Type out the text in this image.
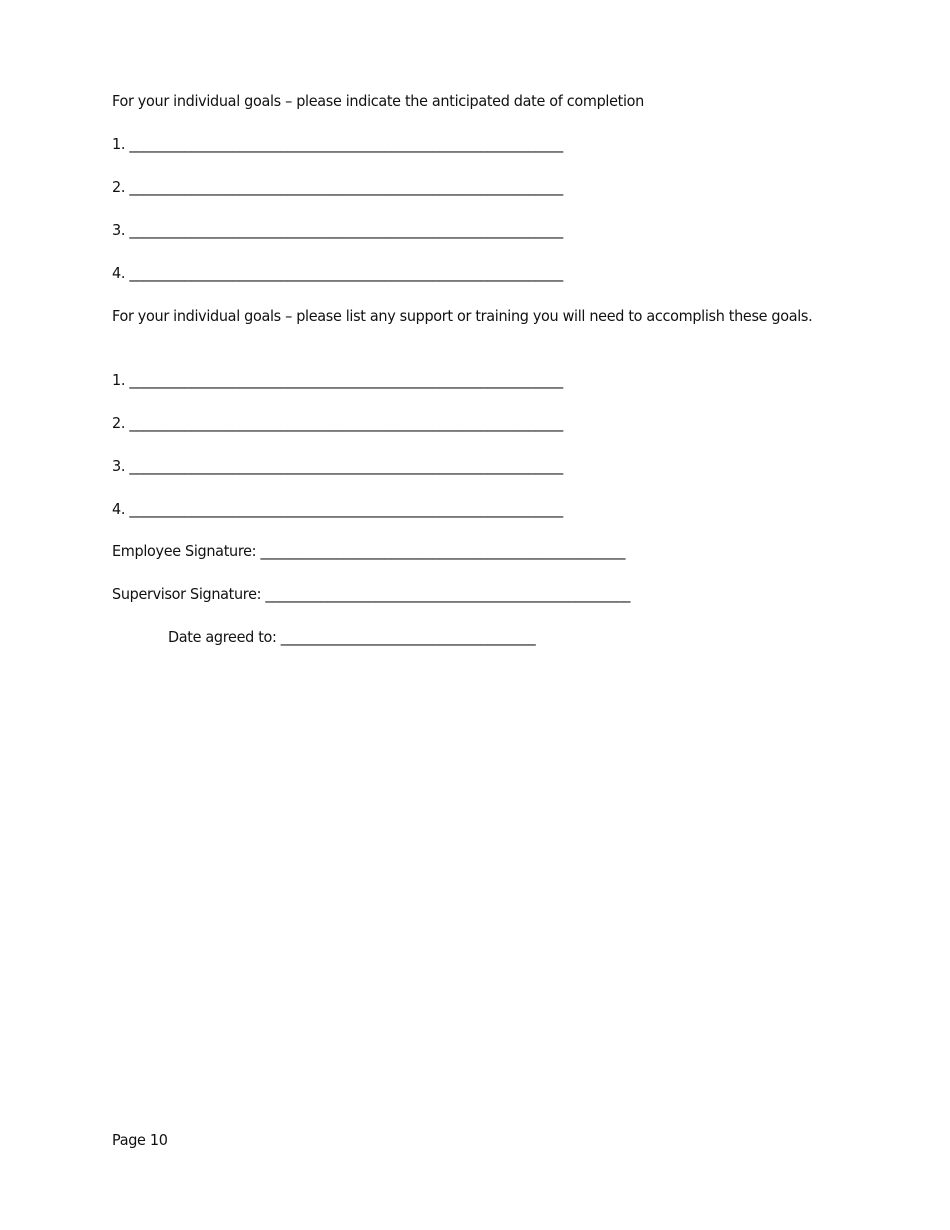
For your individual goals – please indicate the anticipated date of completion
1. _______________________________________________________________
2. _______________________________________________________________
3. _______________________________________________________________
4. _______________________________________________________________
For your individual goals – please list any support or training you will need to accomplish these goals.
1. _______________________________________________________________
2. _______________________________________________________________
3. _______________________________________________________________
4. _______________________________________________________________
Employee Signature: _____________________________________________________
Supervisor Signature: _____________________________________________________
Date agreed to: _____________________________________
Page 10
